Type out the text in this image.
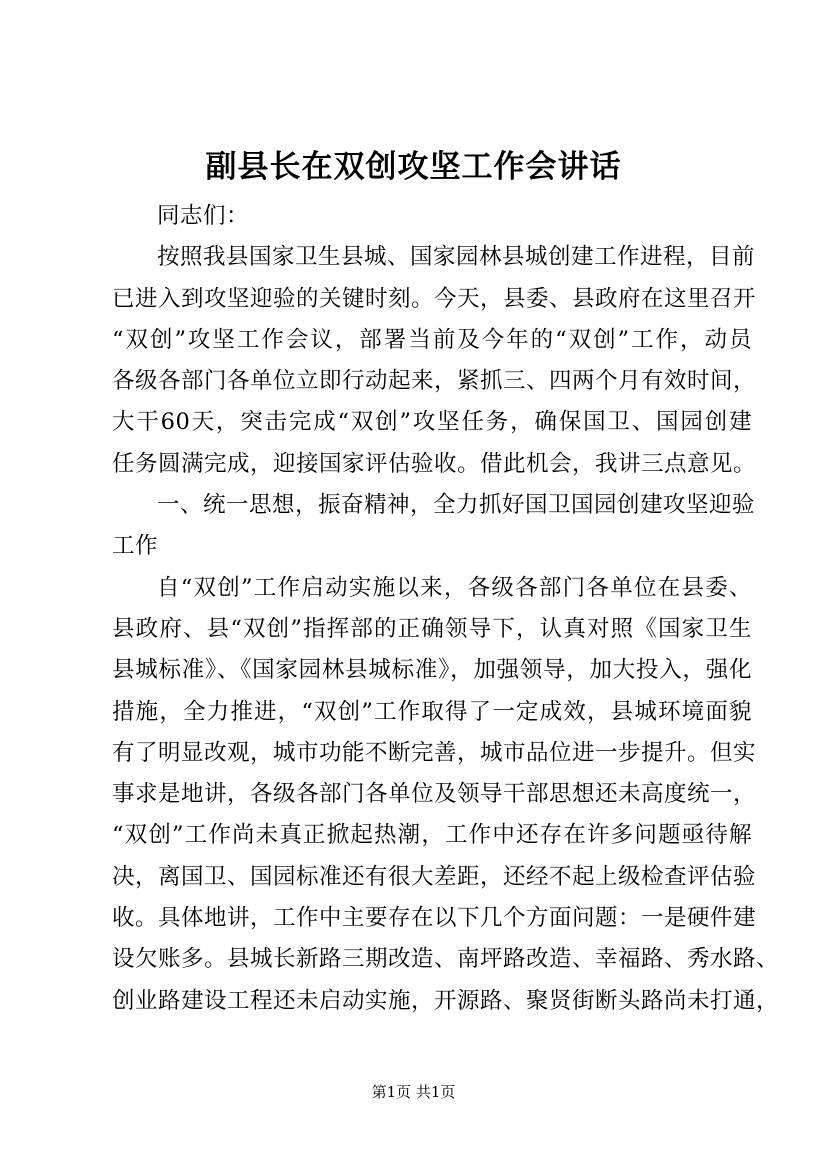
副县长在双创攻坚工作会讲话
同志们：
按照我县国家卫生县城、国家园林县城创建工作进程，目前
已进入到攻坚迎验的关键时刻。今天，县委、县政府在这里召开
“双创”攻坚工作会议，部署当前及今年的“双创”工作，动员
各级各部门各单位立即行动起来，紧抓三、四两个月有效时间，
大干60天，突击完成“双创”攻坚任务，确保国卫、国园创建
任务圆满完成，迎接国家评估验收。借此机会，我讲三点意见。
一、统一思想，振奋精神，全力抓好国卫国园创建攻坚迎验
工作
自“双创”工作启动实施以来，各级各部门各单位在县委、
县政府、县“双创”指挥部的正确领导下，认真对照《国家卫生
县城标准》、《国家园林县城标准》，加强领导，加大投入，强化
措施，全力推进，“双创”工作取得了一定成效，县城环境面貌
有了明显改观，城市功能不断完善，城市品位进一步提升。但实
事求是地讲，各级各部门各单位及领导干部思想还未高度统一，
“双创”工作尚未真正掀起热潮，工作中还存在许多问题亟待解
决，离国卫、国园标准还有很大差距，还经不起上级检查评估验
收。具体地讲，工作中主要存在以下几个方面问题：一是硬件建
设欠账多。县城长新路三期改造、南坪路改造、幸福路、秀水路、
创业路建设工程还未启动实施，开源路、聚贤街断头路尚未打通，
第1页 共1页
